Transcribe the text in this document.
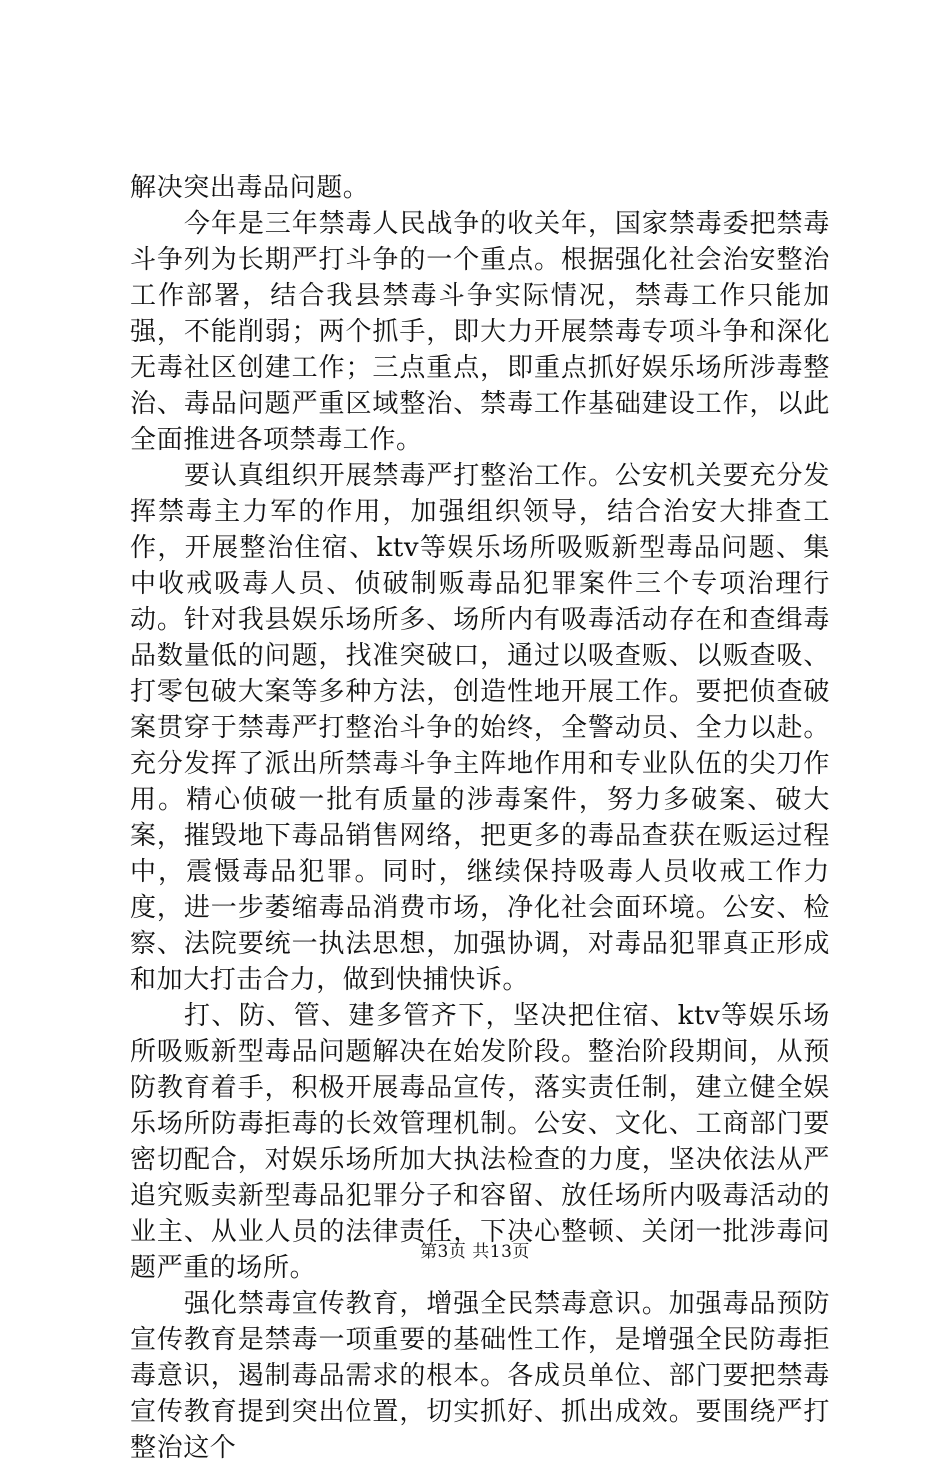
解决突出毒品问题。

今年是三年禁毒人民战争的收关年，国家禁毒委把禁毒斗争列为长期严打斗争的一个重点。根据强化社会治安整治工作部署，结合我县禁毒斗争实际情况，禁毒工作只能加强，不能削弱；两个抓手，即大力开展禁毒专项斗争和深化无毒社区创建工作；三点重点，即重点抓好娱乐场所涉毒整治、毒品问题严重区域整治、禁毒工作基础建设工作，以此全面推进各项禁毒工作。

要认真组织开展禁毒严打整治工作。公安机关要充分发挥禁毒主力军的作用，加强组织领导，结合治安大排查工作，开展整治住宿、ktv等娱乐场所吸贩新型毒品问题、集中收戒吸毒人员、侦破制贩毒品犯罪案件三个专项治理行动。针对我县娱乐场所多、场所内有吸毒活动存在和查缉毒品数量低的问题，找准突破口，通过以吸查贩、以贩查吸、打零包破大案等多种方法，创造性地开展工作。要把侦查破案贯穿于禁毒严打整治斗争的始终，全警动员、全力以赴。充分发挥了派出所禁毒斗争主阵地作用和专业队伍的尖刀作用。精心侦破一批有质量的涉毒案件，努力多破案、破大案，摧毁地下毒品销售网络，把更多的毒品查获在贩运过程中，震慑毒品犯罪。同时，继续保持吸毒人员收戒工作力度，进一步萎缩毒品消费市场，净化社会面环境。公安、检察、法院要统一执法思想，加强协调，对毒品犯罪真正形成和加大打击合力，做到快捕快诉。

打、防、管、建多管齐下，坚决把住宿、ktv等娱乐场所吸贩新型毒品问题解决在始发阶段。整治阶段期间，从预防教育着手，积极开展毒品宣传，落实责任制，建立健全娱乐场所防毒拒毒的长效管理机制。公安、文化、工商部门要密切配合，对娱乐场所加大执法检查的力度，坚决依法从严追究贩卖新型毒品犯罪分子和容留、放任场所内吸毒活动的业主、从业人员的法律责任，下决心整顿、关闭一批涉毒问题严重的场所。

强化禁毒宣传教育，增强全民禁毒意识。加强毒品预防宣传教育是禁毒一项重要的基础性工作，是增强全民防毒拒毒意识，遏制毒品需求的根本。各成员单位、部门要把禁毒宣传教育提到突出位置，切实抓好、抓出成效。要围绕严打整治这个

第3页 共13页
